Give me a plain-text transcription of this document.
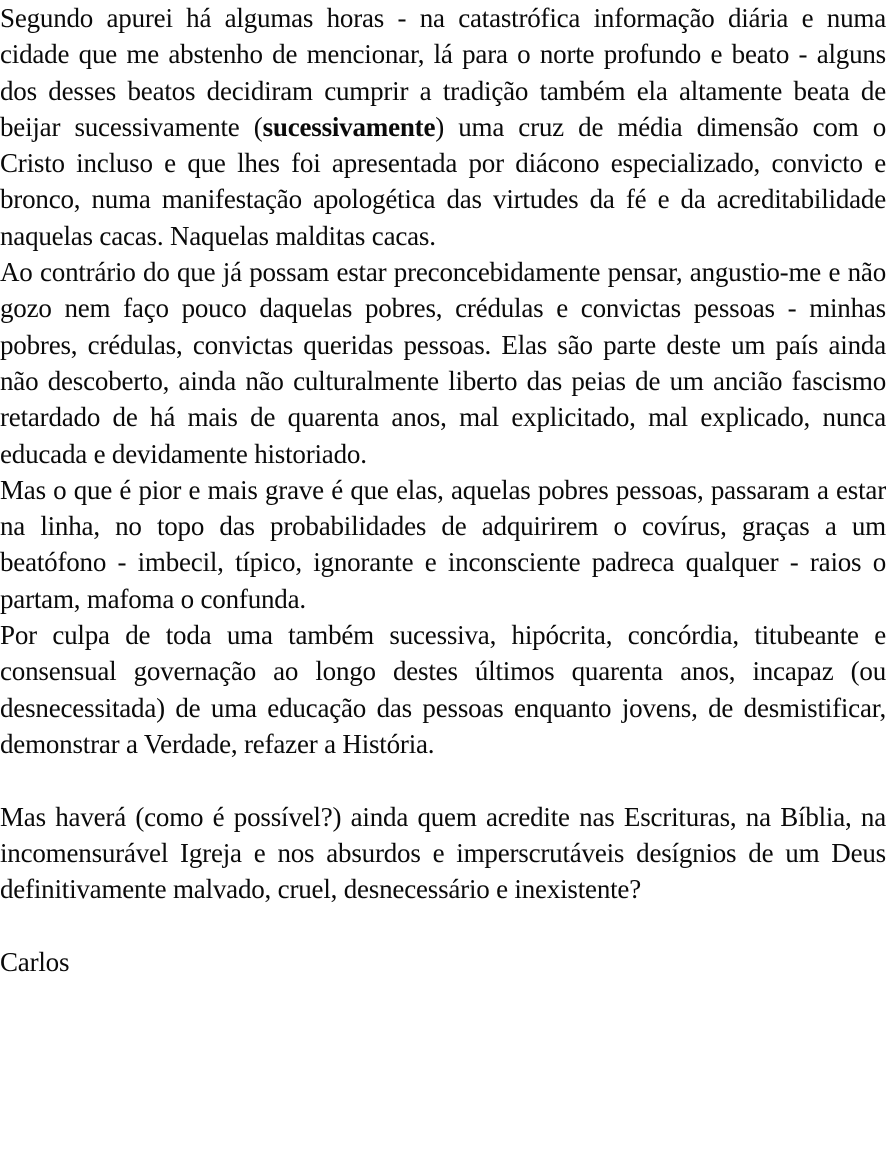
Segundo apurei há algumas horas - na catastrófica informação diária e numa cidade que me abstenho de mencionar, lá para o norte profundo e beato - alguns dos desses beatos decidiram cumprir a tradição também ela altamente beata de beijar sucessivamente (sucessivamente) uma cruz de média dimensão com o Cristo incluso e que lhes foi apresentada por diácono especializado, convicto e bronco, numa manifestação apologética das virtudes da fé e da acreditabilidade naquelas cacas. Naquelas malditas cacas.

Ao contrário do que já possam estar preconcebidamente pensar, angustio-me e não gozo nem faço pouco daquelas pobres, crédulas e convictas pessoas - minhas pobres, crédulas, convictas queridas pessoas. Elas são parte deste um país ainda não descoberto, ainda não culturalmente liberto das peias de um ancião fascismo retardado de há mais de quarenta anos, mal explicitado, mal explicado, nunca educada e devidamente historiado.

Mas o que é pior e mais grave é que elas, aquelas pobres pessoas, passaram a estar na linha, no topo das probabilidades de adquirirem o covírus, graças a um beatófono - imbecil, típico, ignorante e inconsciente padreca qualquer - raios o partam, mafoma o confunda.

Por culpa de toda uma também sucessiva, hipócrita, concórdia, titubeante e consensual governação ao longo destes últimos quarenta anos, incapaz (ou desnecessitada) de uma educação das pessoas enquanto jovens, de desmistificar, demonstrar a Verdade, refazer a História.

Mas haverá (como é possível?) ainda quem acredite nas Escrituras, na Bíblia, na incomensurável Igreja e nos absurdos e imperscrutáveis desígnios de um Deus definitivamente malvado, cruel, desnecessário e inexistente?

Carlos
